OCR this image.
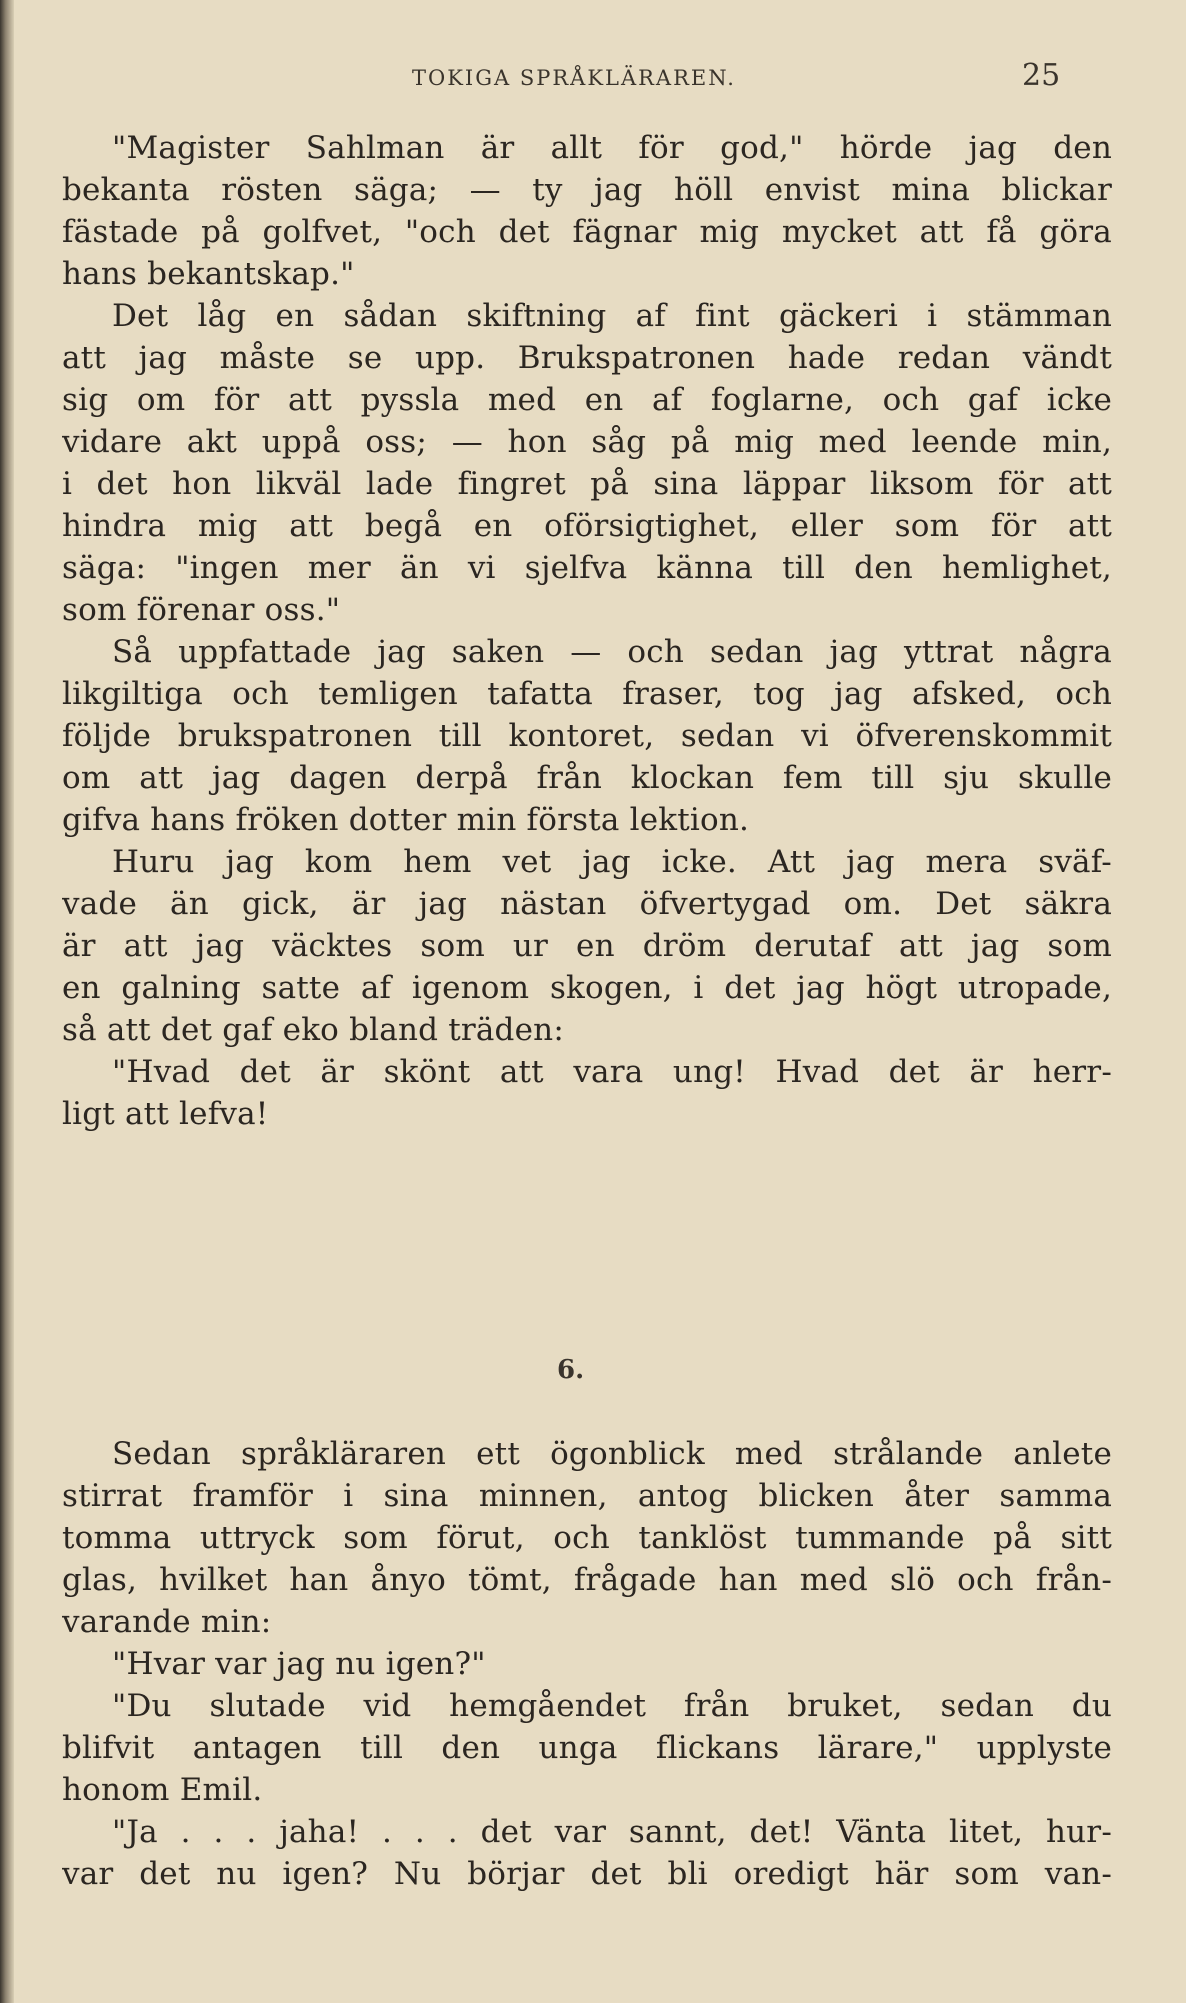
TOKIGA SPRÅKLÄRAREN.	25
"Magister Sahlman är allt för god," hörde jag den
bekanta rösten säga; — ty jag höll envist mina blickar
fästade på golfvet, "och det fägnar mig mycket att få göra
hans bekantskap."
Det låg en sådan skiftning af fint gäckeri i stämman
att jag måste se upp. Brukspatronen hade redan vändt
sig om för att pyssla med en af foglarne, och gaf icke
vidare akt uppå oss; — hon såg på mig med leende min,
i det hon likväl lade fingret på sina läppar liksom för att
hindra mig att begå en oförsigtighet, eller som för att
säga: "ingen mer än vi sjelfva känna till den hemlighet,
som förenar oss."
Så uppfattade jag saken — och sedan jag yttrat några
likgiltiga och temligen tafatta fraser, tog jag afsked, och
följde brukspatronen till kontoret, sedan vi öfverenskommit
om att jag dagen derpå från klockan fem till sju skulle
gifva hans fröken dotter min första lektion.
Huru jag kom hem vet jag icke. Att jag mera sväf-
vade än gick, är jag nästan öfvertygad om. Det säkra
är att jag väcktes som ur en dröm derutaf att jag som
en galning satte af igenom skogen, i det jag högt utropade,
så att det gaf eko bland träden:
"Hvad det är skönt att vara ung! Hvad det är herr-
ligt att lefva!
6.
Sedan språkläraren ett ögonblick med strålande anlete
stirrat framför i sina minnen, antog blicken åter samma
tomma uttryck som förut, och tanklöst tummande på sitt
glas, hvilket han ånyo tömt, frågade han med slö och från-
varande min:
"Hvar var jag nu igen?"
"Du slutade vid hemgåendet från bruket, sedan du
blifvit antagen till den unga flickans lärare," upplyste
honom Emil.
"Ja . . . jaha! . . . det var sannt, det! Vänta litet, hur-
var det nu igen? Nu börjar det bli oredigt här som van-
